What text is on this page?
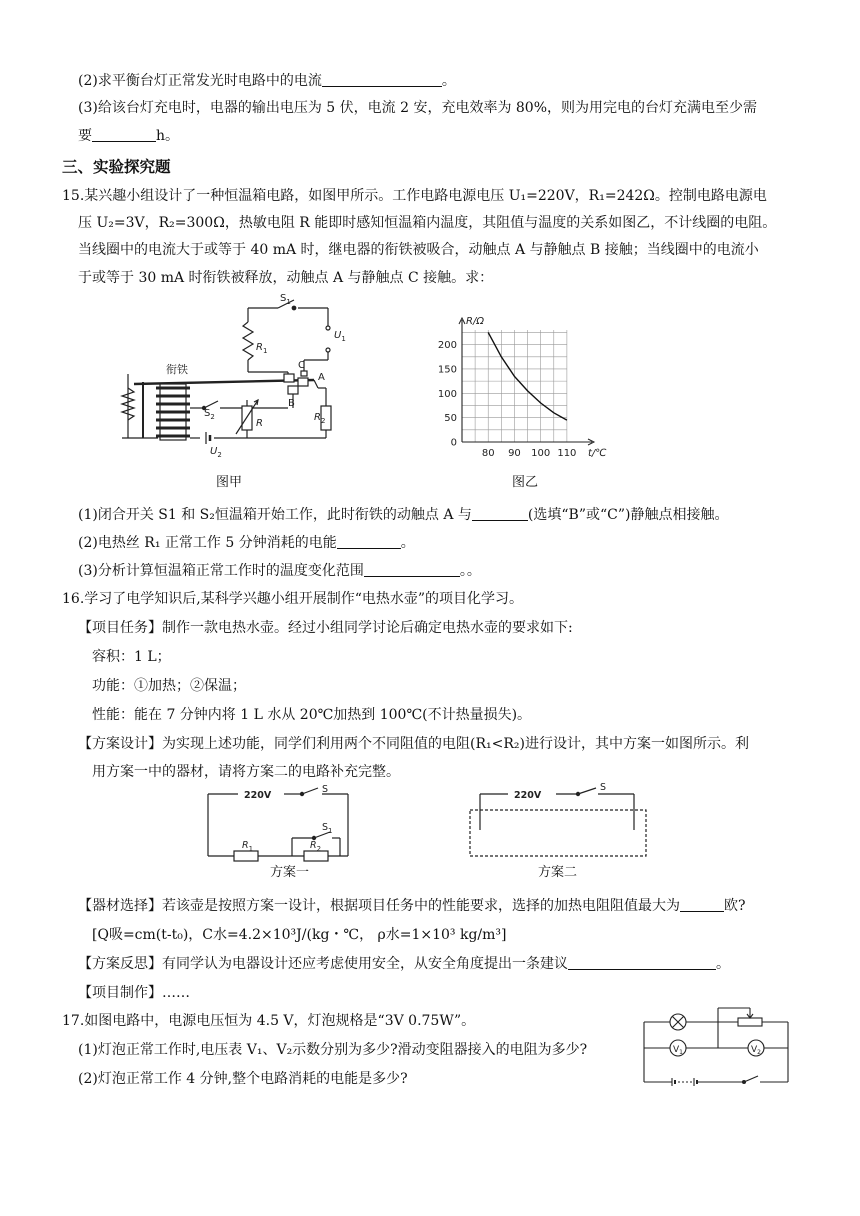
(2)求平衡台灯正常发光时电路中的电流	。
(3)给该台灯充电时，电器的输出电压为 5 伏，电流 2 安，充电效率为 80%，则为用完电的台灯充满电至少需
要	h。
三、实验探究题
15.某兴趣小组设计了一种恒温箱电路，如图甲所示。工作电路电源电压 U₁=220V，R₁=242Ω。控制电路电源电
压 U₂=3V，R₂=300Ω，热敏电阻 R 能即时感知恒温箱内温度，其阻值与温度的关系如图乙，不计线圈的电阻。
当线圈中的电流大于或等于 40 mA 时，继电器的衔铁被吸合，动触点 A 与静触点 B 接触；当线圈中的电流小
于或等于 30 mA 时衔铁被释放，动触点 A 与静触点 C 接触。求：
$S_1$
$U_1$
$R_1$
C
A
B
衔铁
$S_2$
R
$R_2$
$U_2$
图甲
0
50
100
150
200
80 90 100 110
R/Ω
t/℃
图乙
(1)闭合开关 S1 和 S₂恒温箱开始工作，此时衔铁的动触点 A 与	(选填“B”或“C”)静触点相接触。
(2)电热丝 R₁ 正常工作 5 分钟消耗的电能	。
(3)分析计算恒温箱正常工作时的温度变化范围	。。
16.学习了电学知识后,某科学兴趣小组开展制作“电热水壶”的项目化学习。
【项目任务】制作一款电热水壶。经过小组同学讨论后确定电热水壶的要求如下:
容积：1 L；
功能：①加热；②保温；
性能：能在 7 分钟内将 1 L 水从 20℃加热到 100℃(不计热量损失)。
【方案设计】为实现上述功能，同学们利用两个不同阻值的电阻(R₁<R₂)进行设计，其中方案一如图所示。利
用方案一中的器材，请将方案二的电路补充完整。
220V
S
$S_1$
$R_1$	$R_2$
方案一
220V
S
方案二
【器材选择】若该壶是按照方案一设计，根据项目任务中的性能要求，选择的加热电阻阻值最大为	欧?
[Q吸=cm(t-t₀)，C水=4.2×10³J/(kg・℃， ρ水=1×10³ kg/m³]
【方案反思】有同学认为电器设计还应考虑使用安全，从安全角度提出一条建议	。
【项目制作】……
17.如图电路中，电源电压恒为 4.5 V，灯泡规格是“3V 0.75W”。
(1)灯泡正常工作时,电压表 V₁、V₂示数分别为多少?滑动变阻器接入的电阻为多少?
(2)灯泡正常工作 4 分钟,整个电路消耗的电能是多少?
$V_1$	$V_2$
